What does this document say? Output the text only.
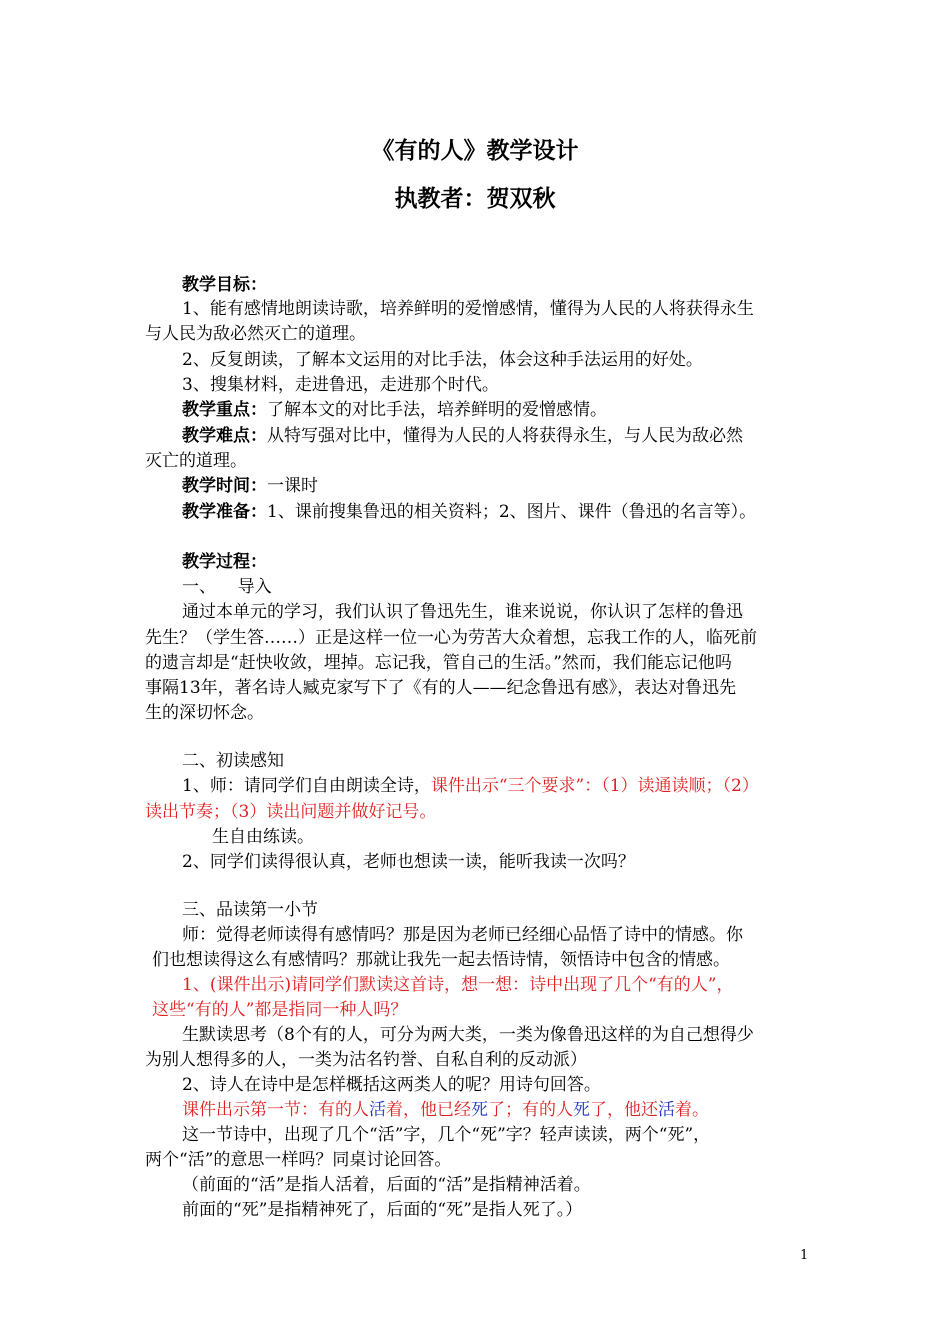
《有的人》教学设计
执教者：贺双秋
教学目标：
1、能有感情地朗读诗歌，培养鲜明的爱憎感情，懂得为人民的人将获得永生
与人民为敌必然灭亡的道理。
2、反复朗读，了解本文运用的对比手法，体会这种手法运用的好处。
3、搜集材料，走进鲁迅，走进那个时代。
教学重点：了解本文的对比手法，培养鲜明的爱憎感情。
教学难点：从特写强对比中，懂得为人民的人将获得永生，与人民为敌必然
灭亡的道理。
教学时间：一课时
教学准备：1、课前搜集鲁迅的相关资料；2、图片、课件（鲁迅的名言等）。
教学过程：
一、    导入
通过本单元的学习，我们认识了鲁迅先生，谁来说说，你认识了怎样的鲁迅
先生？（学生答……）正是这样一位一心为劳苦大众着想，忘我工作的人，临死前
的遗言却是“赶快收敛，埋掉。忘记我，管自己的生活。”然而，我们能忘记他吗
事隔13年，著名诗人臧克家写下了《有的人——纪念鲁迅有感》，表达对鲁迅先
生的深切怀念。
二、初读感知
1、师：请同学们自由朗读全诗，课件出示“三个要求”：（1）读通读顺；（2）
读出节奏；（3）读出问题并做好记号。
生自由练读。
2、同学们读得很认真，老师也想读一读，能听我读一次吗？
三、品读第一小节
师：觉得老师读得有感情吗？那是因为老师已经细心品悟了诗中的情感。你
们也想读得这么有感情吗？那就让我先一起去悟诗情，领悟诗中包含的情感。
1、(课件出示)请同学们默读这首诗，想一想：诗中出现了几个“有的人”，
这些“有的人”都是指同一种人吗？
生默读思考（8个有的人，可分为两大类，一类为像鲁迅这样的为自己想得少
为别人想得多的人，一类为沽名钓誉、自私自利的反动派）
2、诗人在诗中是怎样概括这两类人的呢？用诗句回答。
课件出示第一节：有的人活着，他已经死了；有的人死了，他还活着。
这一节诗中，出现了几个“活”字，几个“死”字？轻声读读，两个“死”，
两个“活”的意思一样吗？同桌讨论回答。
（前面的“活”是指人活着，后面的“活”是指精神活着。
前面的“死”是指精神死了，后面的“死”是指人死了。）
1
